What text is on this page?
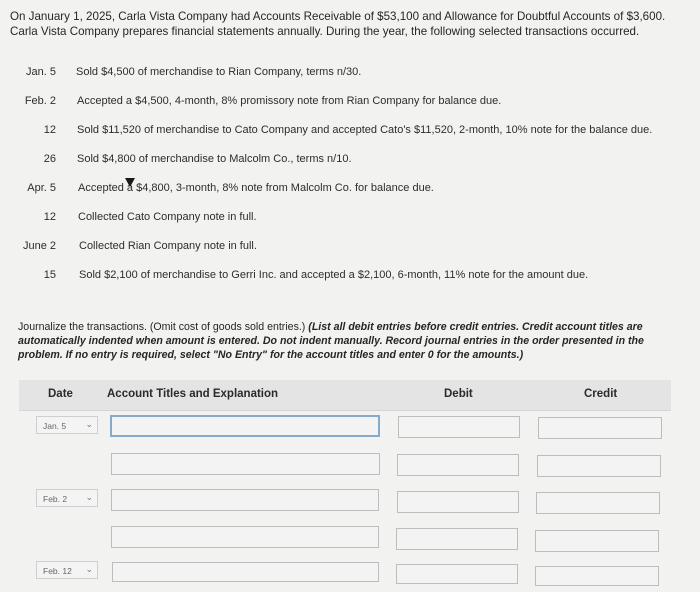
On January 1, 2025, Carla Vista Company had Accounts Receivable of $53,100 and Allowance for Doubtful Accounts of $3,600. Carla Vista Company prepares financial statements annually. During the year, the following selected transactions occurred.
Jan. 5 Sold $4,500 of merchandise to Rian Company, terms n/30.
Feb. 2 Accepted a $4,500, 4-month, 8% promissory note from Rian Company for balance due.
12 Sold $11,520 of merchandise to Cato Company and accepted Cato's $11,520, 2-month, 10% note for the balance due.
26 Sold $4,800 of merchandise to Malcolm Co., terms n/10.
Apr. 5 Accepted a $4,800, 3-month, 8% note from Malcolm Co. for balance due.
12 Collected Cato Company note in full.
June 2 Collected Rian Company note in full.
15 Sold $2,100 of merchandise to Gerri Inc. and accepted a $2,100, 6-month, 11% note for the amount due.
Journalize the transactions. (Omit cost of goods sold entries.) (List all debit entries before credit entries. Credit account titles are automatically indented when amount is entered. Do not indent manually. Record journal entries in the order presented in the problem. If no entry is required, select "No Entry" for the account titles and enter 0 for the amounts.)
Date	Account Titles and Explanation	Debit	Credit
Jan. 5 ⌄
Feb. 2 ⌄
Feb. 12 ⌄
